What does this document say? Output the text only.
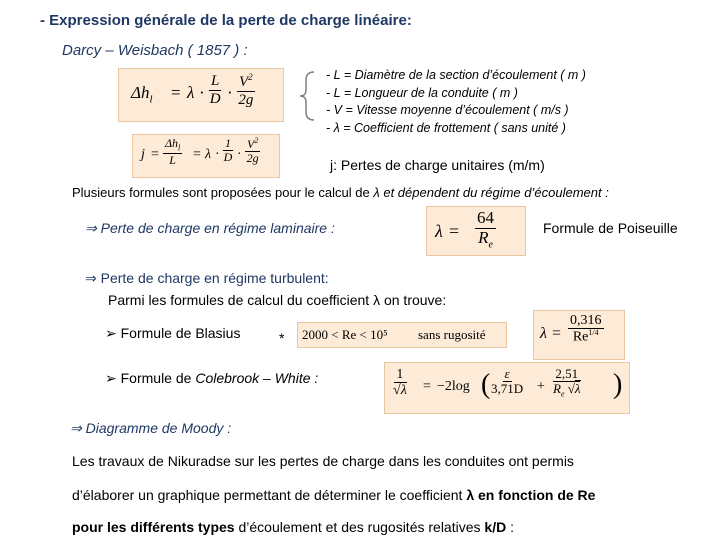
- Expression générale de la perte de charge linéaire:
Darcy – Weisbach ( 1857 ) :
$\Delta h_l = \lambda \cdot \frac{L}{D} \cdot \frac{V^2}{2g}$	- L = Diamètre de la section d’écoulement ( m )
- L = Longueur de la conduite ( m )
- V = Vitesse moyenne d’écoulement ( m/s )
- λ = Coefficient de frottement ( sans unité )
j =
$\Delta h_l$
$L = \lambda \cdot \frac{1}{D} \cdot \frac{V^2}{2g}$	j: Pertes de charge unitaires (m/m)
Plusieurs formules sont proposées pour le calcul de λ et dépendent du régime d’écoulement :
⇒ Perte de charge en régime laminaire :	$\lambda = \frac{64}{R_e}$	Formule de Poiseuille
⇒ Perte de charge en régime turbulent:
Parmi les formules de calcul du coefficient λ on trouve:
➢ Formule de Blasius	* 2000 < Re < 10⁵ sans rugosité	$\lambda = \frac{0,316}{Re^{1/4}}$
➢ Formule de Colebrook – White :	$\frac{1}{√\lambda} = -2\log$ ( $\frac{\varepsilon}{3,71D} + \frac{2,51}{R_e √\lambda}$ )
⇒ Diagramme de Moody :
Les travaux de Nikuradse sur les pertes de charge dans les conduites ont permis
d’élaborer un graphique permettant de déterminer le coefficient λ en fonction de Re
pour les différents types d’écoulement et des rugosités relatives k/D :
